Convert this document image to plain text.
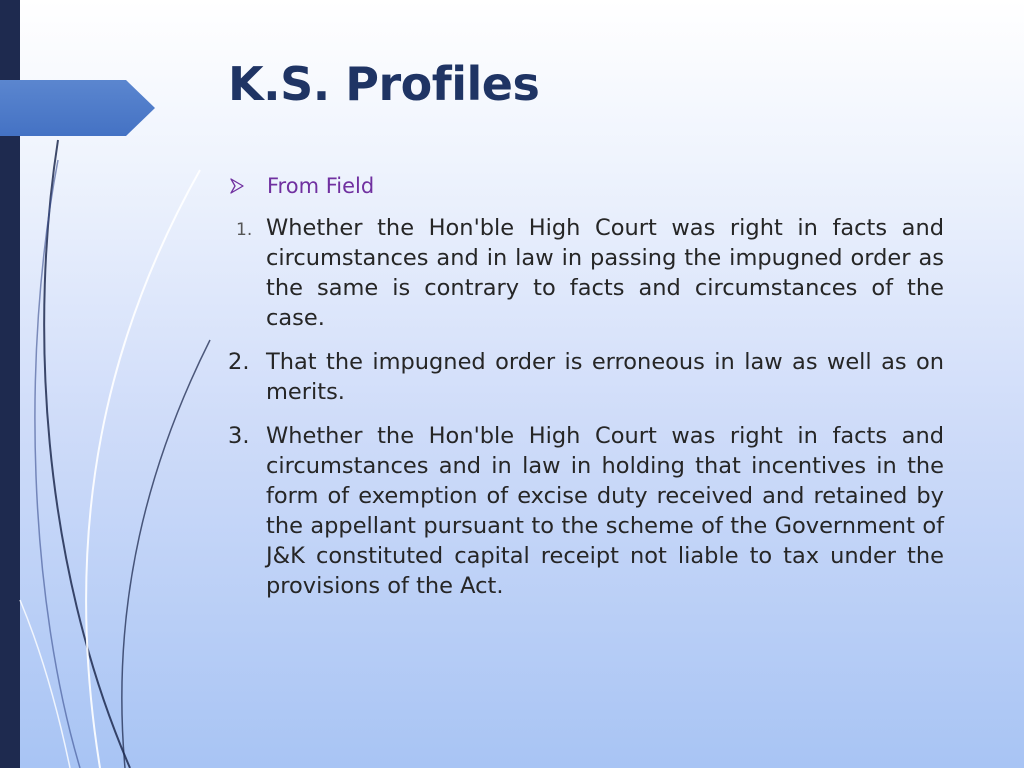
K.S. Profiles
From Field
1. Whether the Hon'ble High Court was right in facts and circumstances and in law in passing the impugned order as the same is contrary to facts and circumstances of the case.
2. That the impugned order is erroneous in law as well as on merits.
3. Whether the Hon'ble High Court was right in facts and circumstances and in law in holding that incentives in the form of exemption of excise duty received and retained by the appellant pursuant to the scheme of the Government of J&K constituted capital receipt not liable to tax under the provisions of the Act.
